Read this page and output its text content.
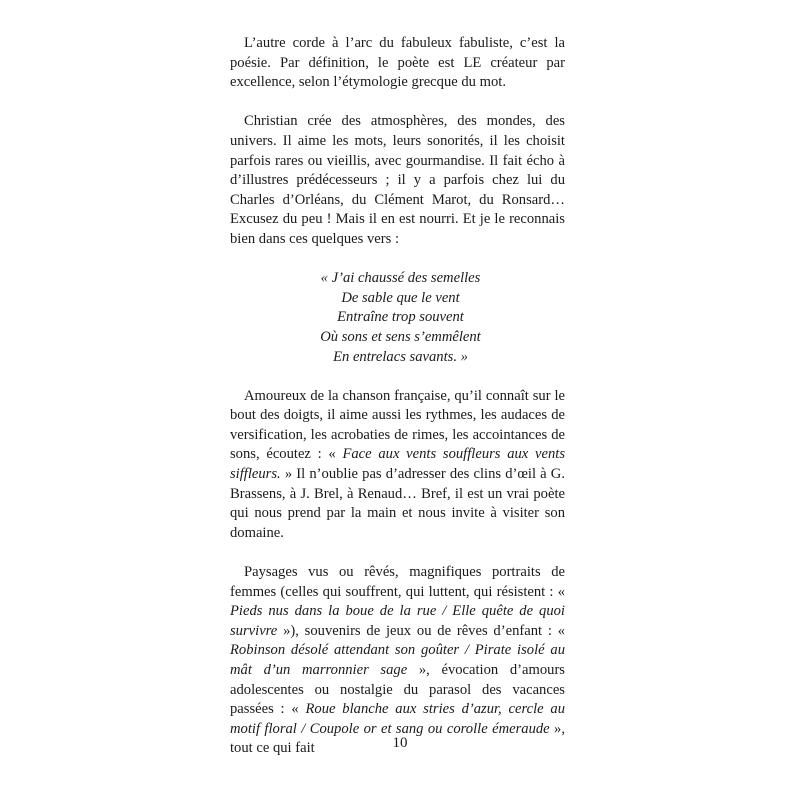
L’autre corde à l’arc du fabuleux fabuliste, c’est la poésie. Par définition, le poète est LE créateur par excellence, selon l’étymologie grecque du mot.

Christian crée des atmosphères, des mondes, des univers. Il aime les mots, leurs sonorités, il les choisit parfois rares ou vieillis, avec gourmandise. Il fait écho à d’illustres prédécesseurs ; il y a parfois chez lui du Charles d’Orléans, du Clément Marot, du Ronsard… Excusez du peu ! Mais il en est nourri. Et je le reconnais bien dans ces quelques vers :

« J’ai chaussé des semelles
De sable que le vent
Entraîne trop souvent
Où sons et sens s’emmêlent
En entrelacs savants. »

Amoureux de la chanson française, qu’il connaît sur le bout des doigts, il aime aussi les rythmes, les audaces de versification, les acrobaties de rimes, les accointances de sons, écoutez : « Face aux vents souffleurs aux vents siffleurs. » Il n’oublie pas d’adresser des clins d’œil à G. Brassens, à J. Brel, à Renaud… Bref, il est un vrai poète qui nous prend par la main et nous invite à visiter son domaine.

Paysages vus ou rêvés, magnifiques portraits de femmes (celles qui souffrent, qui luttent, qui résistent : « Pieds nus dans la boue de la rue / Elle quête de quoi survivre »), souvenirs de jeux ou de rêves d’enfant : « Robinson désolé attendant son goûter / Pirate isolé au mât d’un marronnier sage », évocation d’amours adolescentes ou nostalgie du parasol des vacances passées : « Roue blanche aux stries d’azur, cercle au motif floral / Coupole or et sang ou corolle émeraude », tout ce qui fait	10
